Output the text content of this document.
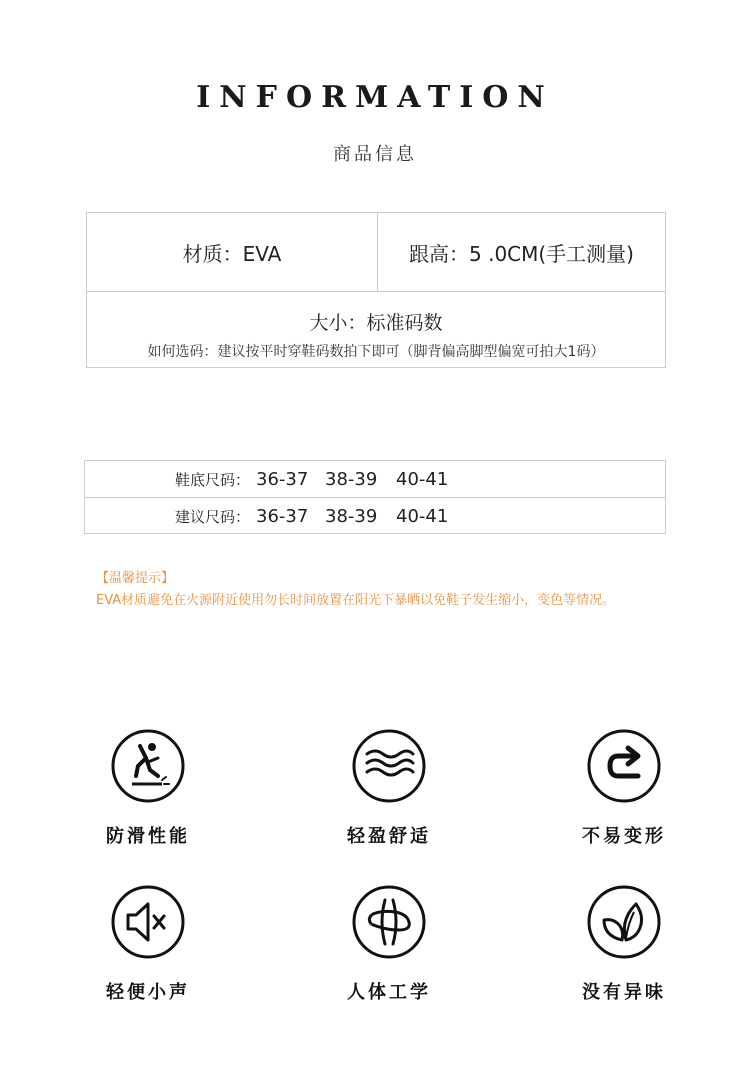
INFORMATION
商品信息
材质：EVA	跟高：5 .0CM(手工测量)
大小：标准码数
如何选码：建议按平时穿鞋码数拍下即可（脚背偏高脚型偏宽可拍大1码）
鞋底尺码： 36-37 38-39 40-41
建议尺码： 36-37 38-39 40-41
【温馨提示】
EVA材质避免在火源附近使用勿长时间放置在阳光下暴晒以免鞋子发生缩小，变色等情况。
防滑性能	轻盈舒适	不易变形
轻便小声	人体工学	没有异味
